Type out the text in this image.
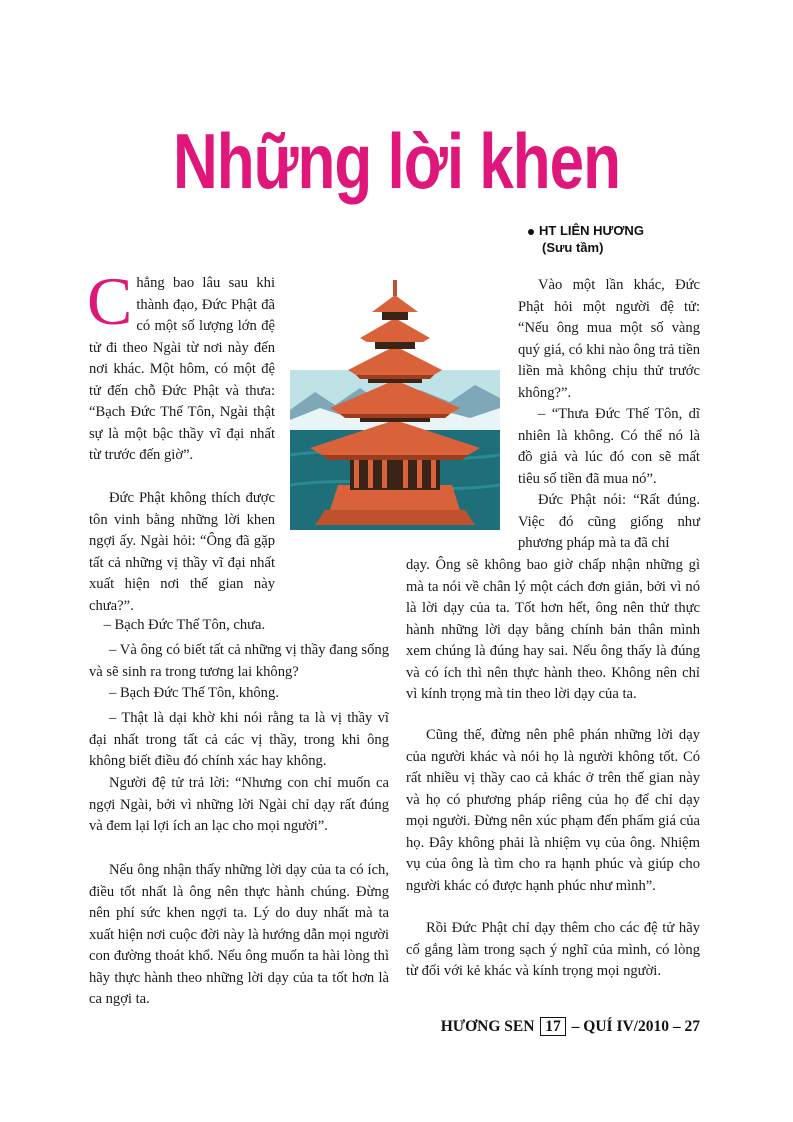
Những lời khen
HT LIÊN HƯƠNG
(Sưu tầm)

Chẳng bao lâu sau khi thành đạo, Đức Phật đã có một số lượng lớn đệ tử đi theo Ngài từ nơi này đến nơi khác. Một hôm, có một đệ tử đến chỗ Đức Phật và thưa: “Bạch Đức Thế Tôn, Ngài thật sự là một bậc thầy vĩ đại nhất từ trước đến giờ”.

Đức Phật không thích được tôn vinh bằng những lời khen ngợi ấy. Ngài hỏi: “Ông đã gặp tất cả những vị thầy vĩ đại nhất xuất hiện nơi thế gian này chưa?”.

– Bạch Đức Thế Tôn, chưa.

– Và ông có biết tất cả những vị thầy đang sống và sẽ sinh ra trong tương lai không?

– Bạch Đức Thế Tôn, không.

– Thật là dại khờ khi nói rằng ta là vị thầy vĩ đại nhất trong tất cả các vị thầy, trong khi ông không biết điều đó chính xác hay không.

Người đệ tử trả lời: “Nhưng con chỉ muốn ca ngợi Ngài, bởi vì những lời Ngài chỉ dạy rất đúng và đem lại lợi ích an lạc cho mọi người”.

Nếu ông nhận thấy những lời dạy của ta có ích, điều tốt nhất là ông nên thực hành chúng. Đừng nên phí sức khen ngợi ta. Lý do duy nhất mà ta xuất hiện nơi cuộc đời này là hướng dẫn mọi người con đường thoát khổ. Nếu ông muốn ta hài lòng thì hãy thực hành theo những lời dạy của ta tốt hơn là ca ngợi ta.

Vào một lần khác, Đức Phật hỏi một người đệ tử: “Nếu ông mua một số vàng quý giá, có khi nào ông trả tiền liền mà không chịu thử trước không?”.

– “Thưa Đức Thế Tôn, dĩ nhiên là không. Có thể nó là đồ giả và lúc đó con sẽ mất tiêu số tiền đã mua nó”.

Đức Phật nói: “Rất đúng. Việc đó cũng giống như phương pháp mà ta đã chỉ

dạy. Ông sẽ không bao giờ chấp nhận những gì mà ta nói về chân lý một cách đơn giản, bởi vì nó là lời dạy của ta. Tốt hơn hết, ông nên thử thực hành những lời dạy bằng chính bản thân mình xem chúng là đúng hay sai. Nếu ông thấy là đúng và có ích thì nên thực hành theo. Không nên chỉ vì kính trọng mà tin theo lời dạy của ta.

Cũng thế, đừng nên phê phán những lời dạy của người khác và nói họ là người không tốt. Có rất nhiều vị thầy cao cả khác ở trên thế gian này và họ có phương pháp riêng của họ để chỉ dạy mọi người. Đừng nên xúc phạm đến phẩm giá của họ. Đây không phải là nhiệm vụ của ông. Nhiệm vụ của ông là tìm cho ra hạnh phúc và giúp cho người khác có được hạnh phúc như mình”.

Rồi Đức Phật chỉ dạy thêm cho các đệ tử hãy cố gắng làm trong sạch ý nghĩ của mình, có lòng từ đối với kẻ khác và kính trọng mọi người.

HƯƠNG SEN 17 – QUÍ IV/2010 – 27
